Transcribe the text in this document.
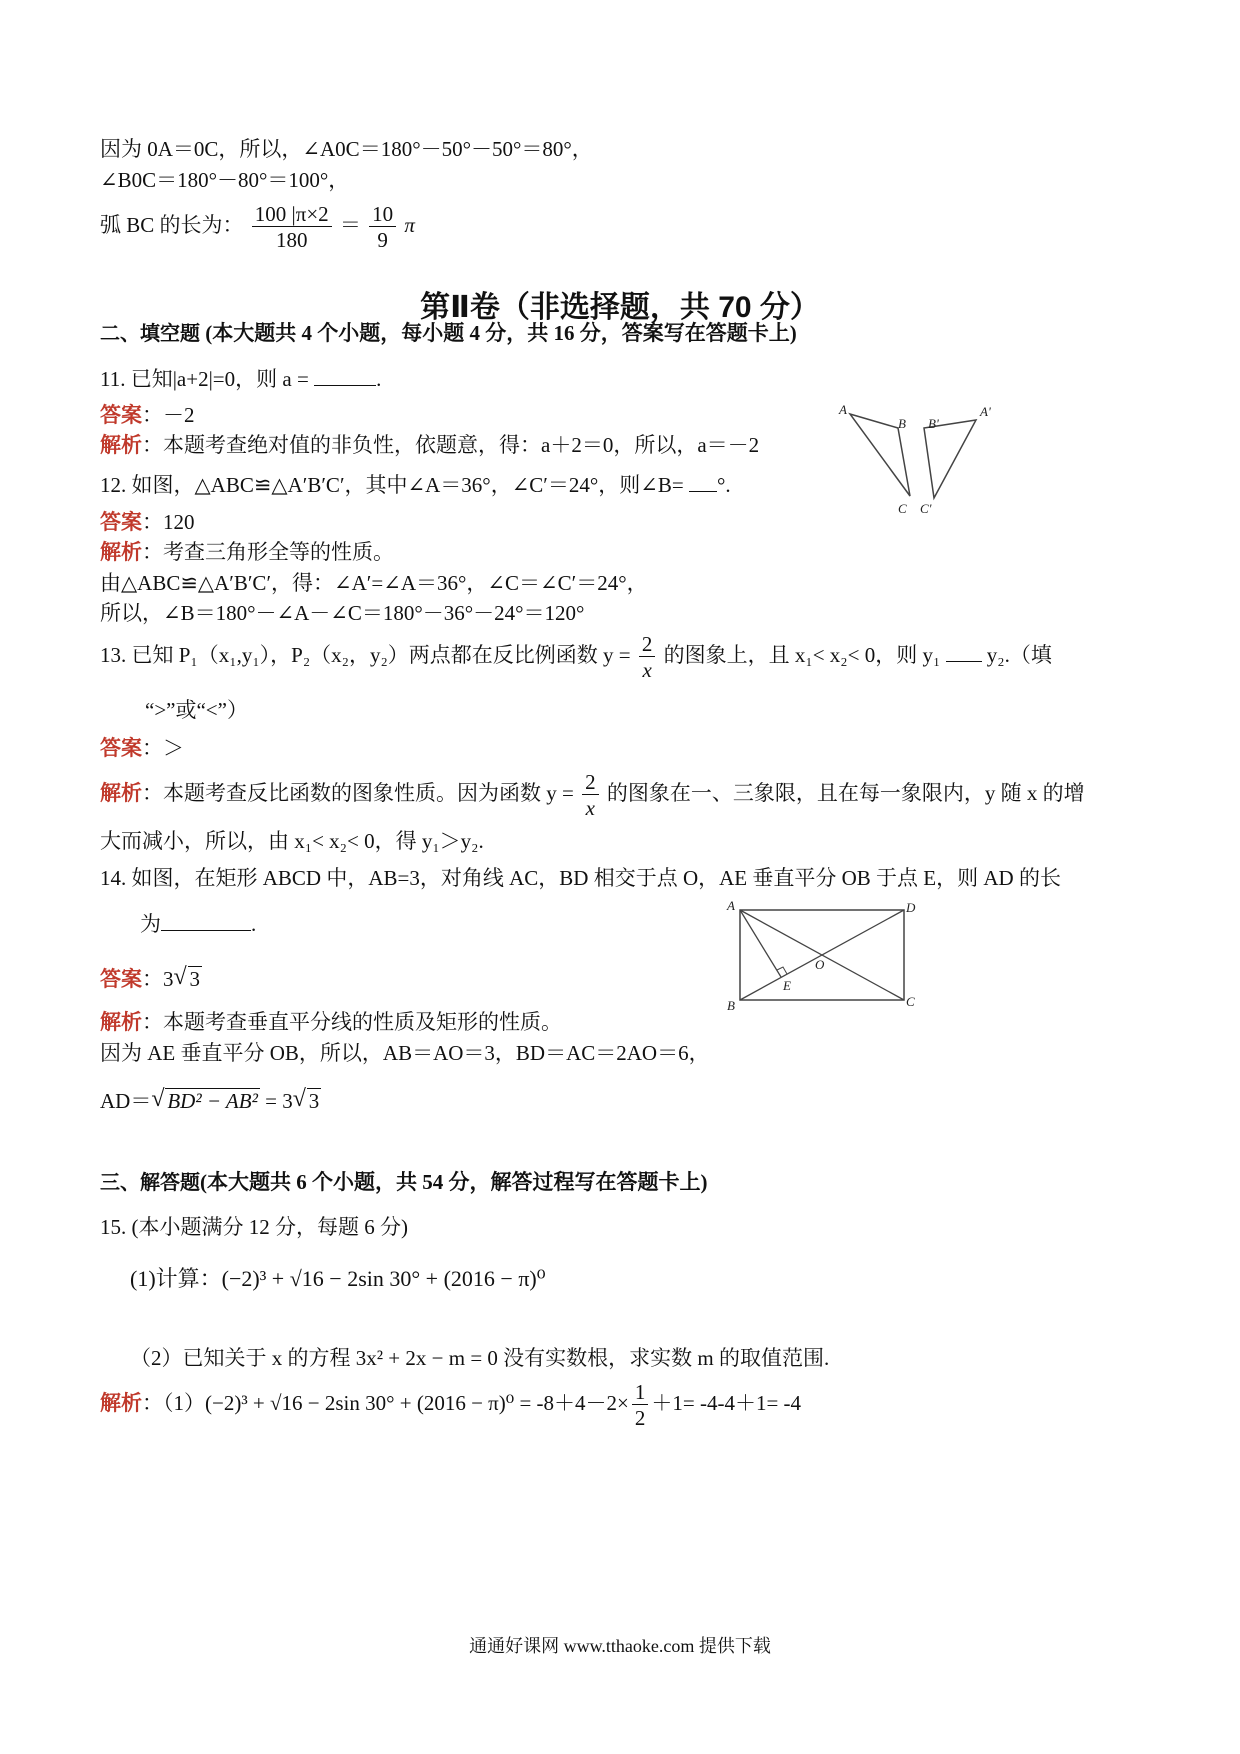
因为 0A＝0C，所以，∠A0C＝180°－50°－50°＝80°，
∠B0C＝180°－80°＝100°，
弧 BC 的长为： $\frac{100 |\pi\times 2}{180} = \frac{10}{9}$ π
第Ⅱ卷（非选择题，共 70 分）
二、填空题 (本大题共 4 个小题，每小题 4 分，共 16 分，答案写在答题卡上)
11. 已知|a+2|=0，则 a =	.
答案：－2
解析：本题考查绝对值的非负性，依题意，得：a＋2＝0，所以，a＝－2
A
B
C
B'
A'
C'
12. 如图，△ABC≌△A′B′C′，其中∠A＝36°，∠C′＝24°，则∠B= °.
答案：120
解析：考查三角形全等的性质。
由△ABC≌△A′B′C′，得：∠A′=∠A＝36°，∠C＝∠C′＝24°，
所以，∠B＝180°－∠A－∠C＝180°－36°－24°＝120°
13. 已知 P₁（x₁,y₁），P₂（x₂，y₂）两点都在反比例函数 $y = \frac{2}{x}$ 的图象上，且 x₁< x₂< 0，则 y₁ y₂.（填
“>”或“<”）
答案：＞
解析：本题考查反比函数的图象性质。因为函数 $y = \frac{2}{x}$ 的图象在一、三象限，且在每一象限内，y 随 x 的增
大而减小，所以，由 x₁< x₂< 0，得 y₁＞y₂.
14. 如图，在矩形 ABCD 中，AB=3，对角线 AC，BD 相交于点 O，AE 垂直平分 OB 于点 E，则 AD 的长
为	.
A	D
O
E
B	C
答案：3 √ 3
解析：本题考查垂直平分线的性质及矩形的性质。
因为 AE 垂直平分 OB，所以，AB＝AO＝3，BD＝AC＝2AO＝6，
AD＝ √ BD² − AB² = 3 √ 3
三、解答题(本大题共 6 个小题，共 54 分，解答过程写在答题卡上)
15. (本小题满分 12 分，每题 6 分)
(1)计算：(−2)³ + √16 − 2sin 30° + (2016 − π)⁰
（2）已知关于 x 的方程 3x² + 2x − m = 0 没有实数根，求实数 m 的取值范围.
解析：（1）(−2)³ + √16 − 2sin $30^\circ + (2016 - \pi)^0 = -8+4-2\times \frac{1}{2} +1= -4-4+1= -4$
通通好课网 www.tthaoke.com 提供下载
